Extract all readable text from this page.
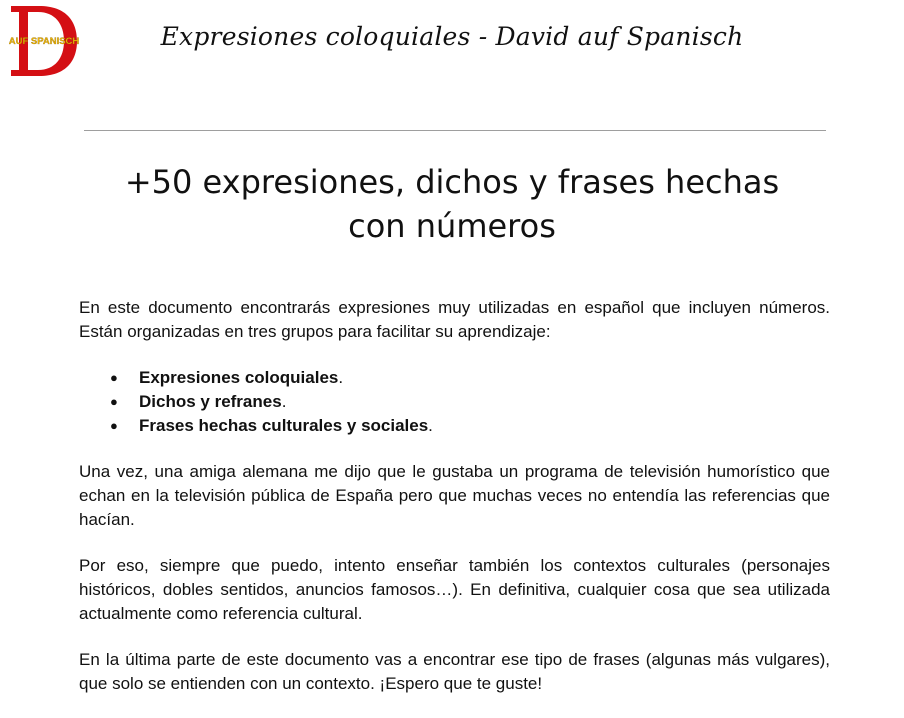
AUF SPANISCH	Expresiones coloquiales - David auf Spanisch
+50 expresiones, dichos y frases hechas
con números

En este documento encontrarás expresiones muy utilizadas en español que incluyen números. Están organizadas en tres grupos para facilitar su aprendizaje:

● Expresiones coloquiales.
● Dichos y refranes.
● Frases hechas culturales y sociales.

Una vez, una amiga alemana me dijo que le gustaba un programa de televisión humorístico que echan en la televisión pública de España pero que muchas veces no entendía las referencias que hacían.

Por eso, siempre que puedo, intento enseñar también los contextos culturales (personajes históricos, dobles sentidos, anuncios famosos…). En definitiva, cualquier cosa que sea utilizada actualmente como referencia cultural.

En la última parte de este documento vas a encontrar ese tipo de frases (algunas más vulgares), que solo se entienden con un contexto. ¡Espero que te guste!
